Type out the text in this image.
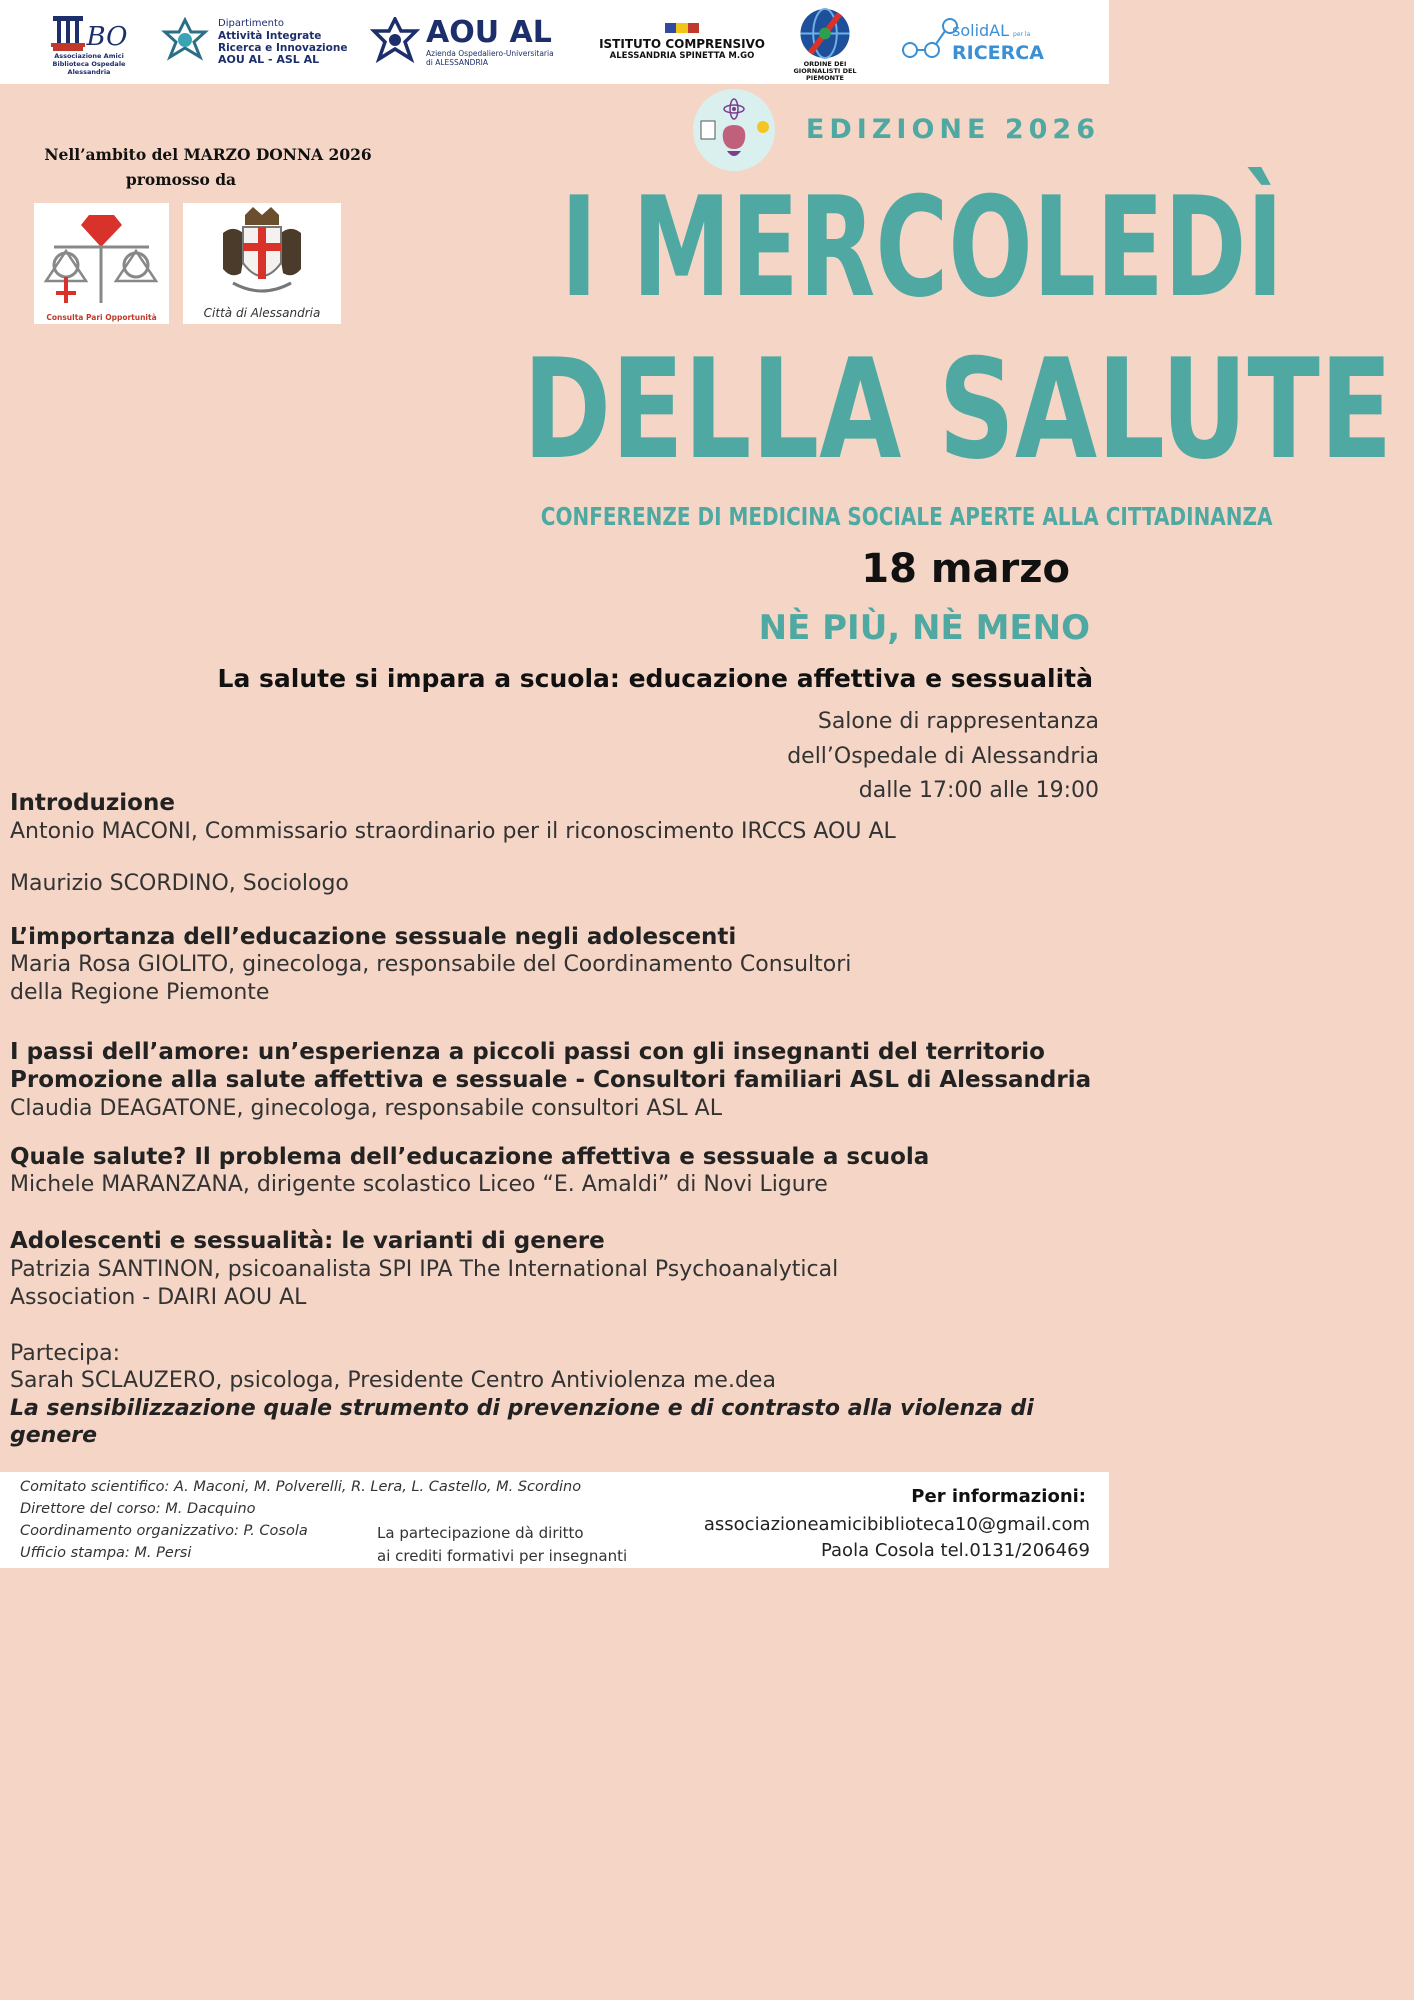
BO
Associazione Amici Biblioteca Ospedale Alessandria
Dipartimento
Attività Integrate
Ricerca e Innovazione
AOU AL - ASL AL
AOU AL
Azienda Ospedaliero-Universitaria
di ALESSANDRIA
ISTITUTO COMPRENSIVO
ALESSANDRIA SPINETTA M.GO
ORDINE DEI GIORNALISTI DEL PIEMONTE
solidAL per la
RICERCA
Nell’ambito del MARZO DONNA 2026
promosso da
Consulta Pari Opportunità	Città di Alessandria
EDIZIONE 2026
I MERCOLEDÌ
DELLA SALUTE
CONFERENZE DI MEDICINA SOCIALE APERTE ALLA CITTADINANZA
18 marzo
NÈ PIÙ, NÈ MENO
La salute si impara a scuola: educazione affettiva e sessualità
Salone di rappresentanza
dell’Ospedale di Alessandria
dalle 17:00 alle 19:00
Introduzione
Antonio MACONI, Commissario straordinario per il riconoscimento IRCCS AOU AL
Maurizio SCORDINO, Sociologo
L’importanza dell’educazione sessuale negli adolescenti
Maria Rosa GIOLITO, ginecologa, responsabile del Coordinamento Consultori
della Regione Piemonte
I passi dell’amore: un’esperienza a piccoli passi con gli insegnanti del territorio
Promozione alla salute affettiva e sessuale - Consultori familiari ASL di Alessandria
Claudia DEAGATONE, ginecologa, responsabile consultori ASL AL
Quale salute? Il problema dell’educazione affettiva e sessuale a scuola
Michele MARANZANA, dirigente scolastico Liceo “E. Amaldi” di Novi Ligure
Adolescenti e sessualità: le varianti di genere
Patrizia SANTINON, psicoanalista SPI IPA The International Psychoanalytical
Association - DAIRI AOU AL
Partecipa:
Sarah SCLAUZERO, psicologa, Presidente Centro Antiviolenza me.dea
La sensibilizzazione quale strumento di prevenzione e di contrasto alla violenza di
genere
Comitato scientifico: A. Maconi, M. Polverelli, R. Lera, L. Castello, M. Scordino
Direttore del corso: M. Dacquino
Coordinamento organizzativo: P. Cosola
Ufficio stampa: M. Persi
La partecipazione dà diritto
ai crediti formativi per insegnanti
Per informazioni:
associazioneamicibiblioteca10@gmail.com
Paola Cosola tel.0131/206469
